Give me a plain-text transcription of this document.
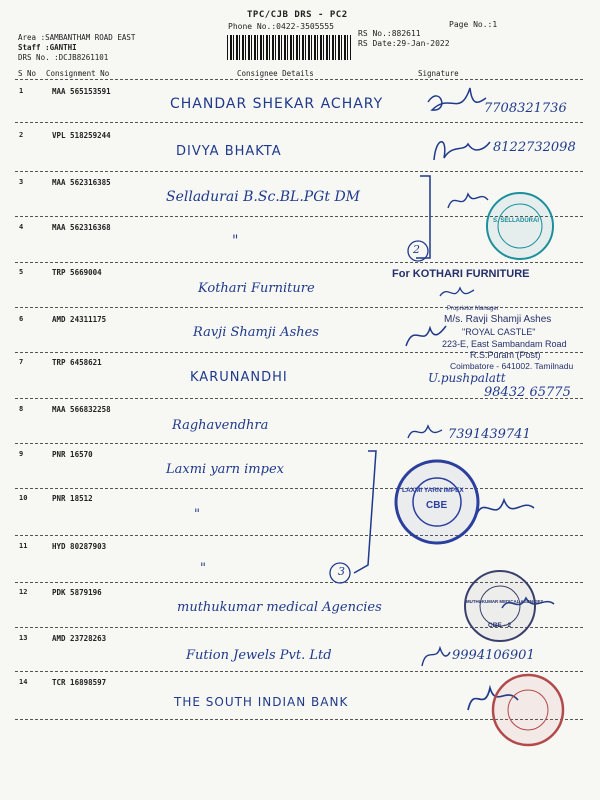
TPC/CJB DRS - PC2
Phone No.:0422-3505555	Page No.:1
Area :SAMBANTHAM ROAD EAST
Staff :GANTHI
DRS No. :DCJB8261101
RS No.:882611
RS Date:29-Jan-2022
S No Consignment No	Consignee Details	Signature
1	MAA 565153591
CHANDAR SHEKAR ACHARY	7708321736
2	VPL 518259244
DIVYA BHAKTA	8122732098
3	MAA 562316385
Selladurai B.Sc.BL.PGt DM
4	MAA 562316368
"
5	TRP 5669004
Kothari Furniture
6	AMD 24311175
Ravji Shamji Ashes
7	TRP 6458621
KARUNANDHI	U.pushpalatt
98432 65775
8	MAA 566832258
Raghavendhra
7391439741
9	PNR 16570
Laxmi yarn impex
10	PNR 18512
"
11	HYD 80287903
"
12	PDK 5879196
muthukumar medical Agencies
13	AMD 23728263
Fution Jewels Pvt. Ltd	9994106901
14	TCR 16898597
THE SOUTH INDIAN BANK
2
3
S. SELLADURAI
For KOTHARI FURNITURE
Proprietor Manager
M/s. Ravji Shamji Ashes
"ROYAL CASTLE"
223-E, East Sambandam Road
R.S.Puram (Post)
Coimbatore - 641002. Tamilnadu
LAXMI YARN IMPEX
CBE
MUTHUKUMAR MEDICAL AGENCIES
CBE - 2
